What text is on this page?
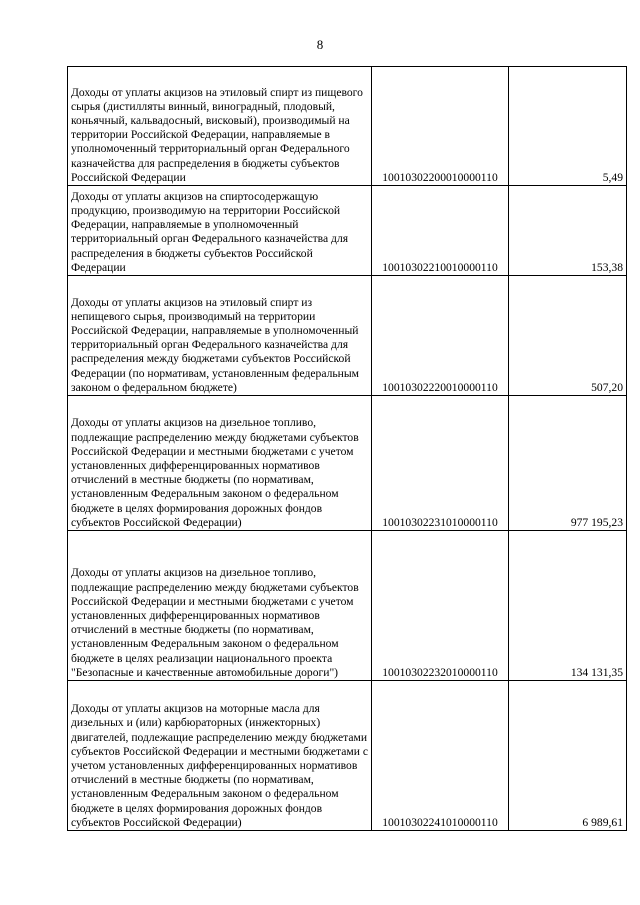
8
Доходы от уплаты акцизов на этиловый спирт из пищевого сырья (дистилляты винный, виноградный, плодовый, коньячный, кальвадосный, висковый), производимый на территории Российской Федерации, направляемые в уполномоченный территориальный орган Федерального казначейства для распределения в бюджеты субъектов Российской Федерации	10010302200010000110	5,49

Доходы от уплаты акцизов на спиртосодержащую продукцию, производимую на территории Российской Федерации, направляемые в уполномоченный территориальный орган Федерального казначейства для распределения в бюджеты субъектов Российской Федерации	10010302210010000110	153,38

Доходы от уплаты акцизов на этиловый спирт из непищевого сырья, производимый на территории Российской Федерации, направляемые в уполномоченный территориальный орган Федерального казначейства для распределения между бюджетами субъектов Российской Федерации (по нормативам, установленным федеральным законом о федеральном бюджете)	10010302220010000110	507,20

Доходы от уплаты акцизов на дизельное топливо, подлежащие распределению между бюджетами субъектов Российской Федерации и местными бюджетами с учетом установленных дифференцированных нормативов отчислений в местные бюджеты (по нормативам, установленным Федеральным законом о федеральном бюджете в целях формирования дорожных фондов субъектов Российской Федерации)	10010302231010000110	977 195,23

Доходы от уплаты акцизов на дизельное топливо, подлежащие распределению между бюджетами субъектов Российской Федерации и местными бюджетами с учетом установленных дифференцированных нормативов отчислений в местные бюджеты (по нормативам, установленным Федеральным законом о федеральном бюджете в целях реализации национального проекта "Безопасные и качественные автомобильные дороги")	10010302232010000110	134 131,35

Доходы от уплаты акцизов на моторные масла для дизельных и (или) карбюраторных (инжекторных) двигателей, подлежащие распределению между бюджетами субъектов Российской Федерации и местными бюджетами с учетом установленных дифференцированных нормативов отчислений в местные бюджеты (по нормативам, установленным Федеральным законом о федеральном бюджете в целях формирования дорожных фондов субъектов Российской Федерации)	10010302241010000110	6 989,61
